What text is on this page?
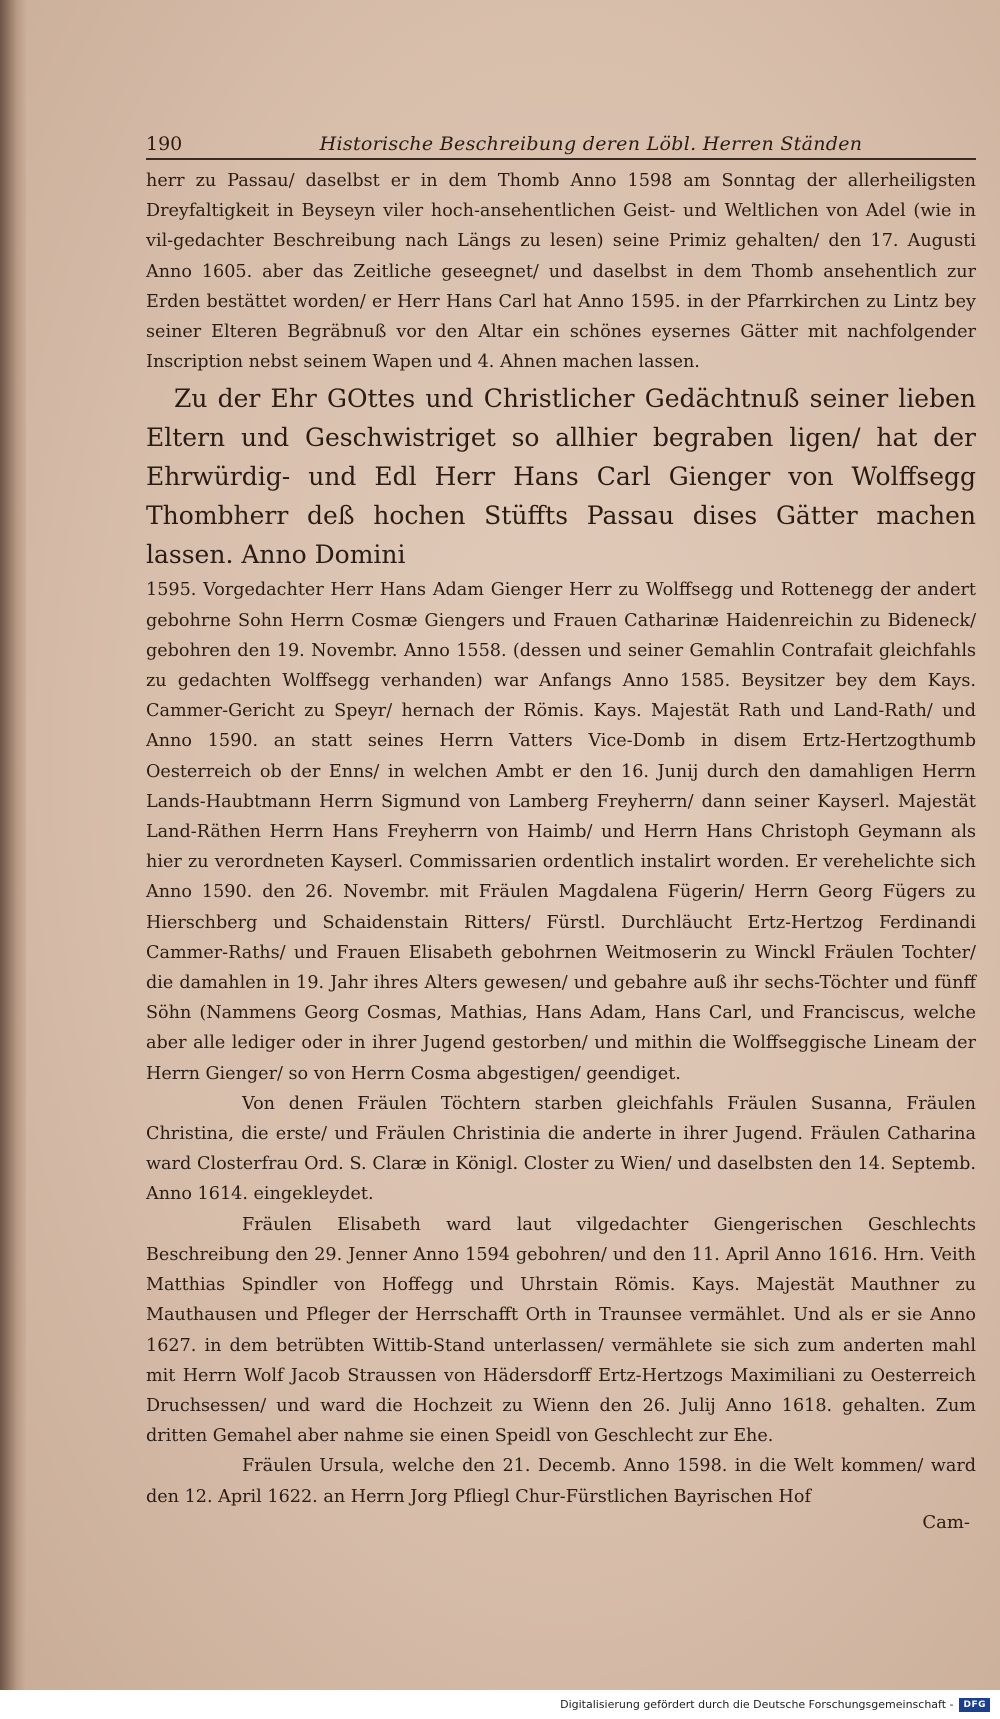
190	Historische Beschreibung deren Löbl. Herren Ständen

herr zu Passau/ daselbst er in dem Thomb Anno 1598 am Sonntag der allerheiligsten Dreyfaltigkeit in Beyseyn viler hoch-ansehentlichen Geist- und Weltlichen von Adel (wie in vil-gedachter Beschreibung nach Längs zu lesen) seine Primiz gehalten/ den 17. Augusti Anno 1605. aber das Zeitliche geseegnet/ und daselbst in dem Thomb ansehentlich zur Erden bestättet worden/ er Herr Hans Carl hat Anno 1595. in der Pfarrkirchen zu Lintz bey seiner Elteren Begräbnuß vor den Altar ein schönes eysernes Gätter mit nachfolgender Inscription nebst seinem Wapen und 4. Ahnen machen lassen.

Zu der Ehr GOttes und Christlicher Gedächtnuß seiner lieben Eltern und Geschwistriget so allhier begraben ligen/ hat der Ehrwürdig- und Edl Herr Hans Carl Gienger von Wolffsegg Thombherr deß hochen Stüffts Passau dises Gätter machen lassen. Anno Domini

1595. Vorgedachter Herr Hans Adam Gienger Herr zu Wolffsegg und Rottenegg der andert gebohrne Sohn Herrn Cosmæ Giengers und Frauen Catharinæ Haidenreichin zu Bideneck/ gebohren den 19. Novembr. Anno 1558. (dessen und seiner Gemahlin Contrafait gleichfahls zu gedachten Wolffsegg verhanden) war Anfangs Anno 1585. Beysitzer bey dem Kays. Cammer-Gericht zu Speyr/ hernach der Römis. Kays. Majestät Rath und Land-Rath/ und Anno 1590. an statt seines Herrn Vatters Vice-Domb in disem Ertz-Hertzogthumb Oesterreich ob der Enns/ in welchen Ambt er den 16. Junij durch den damahligen Herrn Lands-Haubtmann Herrn Sigmund von Lamberg Freyherrn/ dann seiner Kayserl. Majestät Land-Räthen Herrn Hans Freyherrn von Haimb/ und Herrn Hans Christoph Geymann als hier zu verordneten Kayserl. Commissarien ordentlich instalirt worden. Er verehelichte sich Anno 1590. den 26. Novembr. mit Fräulen Magdalena Fügerin/ Herrn Georg Fügers zu Hierschberg und Schaidenstain Ritters/ Fürstl. Durchläucht Ertz-Hertzog Ferdinandi Cammer-Raths/ und Frauen Elisabeth gebohrnen Weitmoserin zu Winckl Fräulen Tochter/ die damahlen in 19. Jahr ihres Alters gewesen/ und gebahre auß ihr sechs-Töchter und fünff Söhn (Nammens Georg Cosmas, Mathias, Hans Adam, Hans Carl, und Franciscus, welche aber alle lediger oder in ihrer Jugend gestorben/ und mithin die Wolffseggische Lineam der Herrn Gienger/ so von Herrn Cosma abgestigen/ geendiget.

Von denen Fräulen Töchtern starben gleichfahls Fräulen Susanna, Fräulen Christina, die erste/ und Fräulen Christinia die anderte in ihrer Jugend. Fräulen Catharina ward Closterfrau Ord. S. Claræ in Königl. Closter zu Wien/ und daselbsten den 14. Septemb. Anno 1614. eingekleydet.

Fräulen Elisabeth ward laut vilgedachter Giengerischen Geschlechts Beschreibung den 29. Jenner Anno 1594 gebohren/ und den 11. April Anno 1616. Hrn. Veith Matthias Spindler von Hoffegg und Uhrstain Römis. Kays. Majestät Mauthner zu Mauthausen und Pfleger der Herrschafft Orth in Traunsee vermählet. Und als er sie Anno 1627. in dem betrübten Wittib-Stand unterlassen/ vermählete sie sich zum anderten mahl mit Herrn Wolf Jacob Straussen von Hädersdorff Ertz-Hertzogs Maximiliani zu Oesterreich Druchsessen/ und ward die Hochzeit zu Wienn den 26. Julij Anno 1618. gehalten. Zum dritten Gemahel aber nahme sie einen Speidl von Geschlecht zur Ehe.

Fräulen Ursula, welche den 21. Decemb. Anno 1598. in die Welt kommen/ ward den 12. April 1622. an Herrn Jorg Pfliegl Chur-Fürstlichen Bayrischen Hof

Cam-
Digitalisierung gefördert durch die Deutsche Forschungsgemeinschaft -	DFG
